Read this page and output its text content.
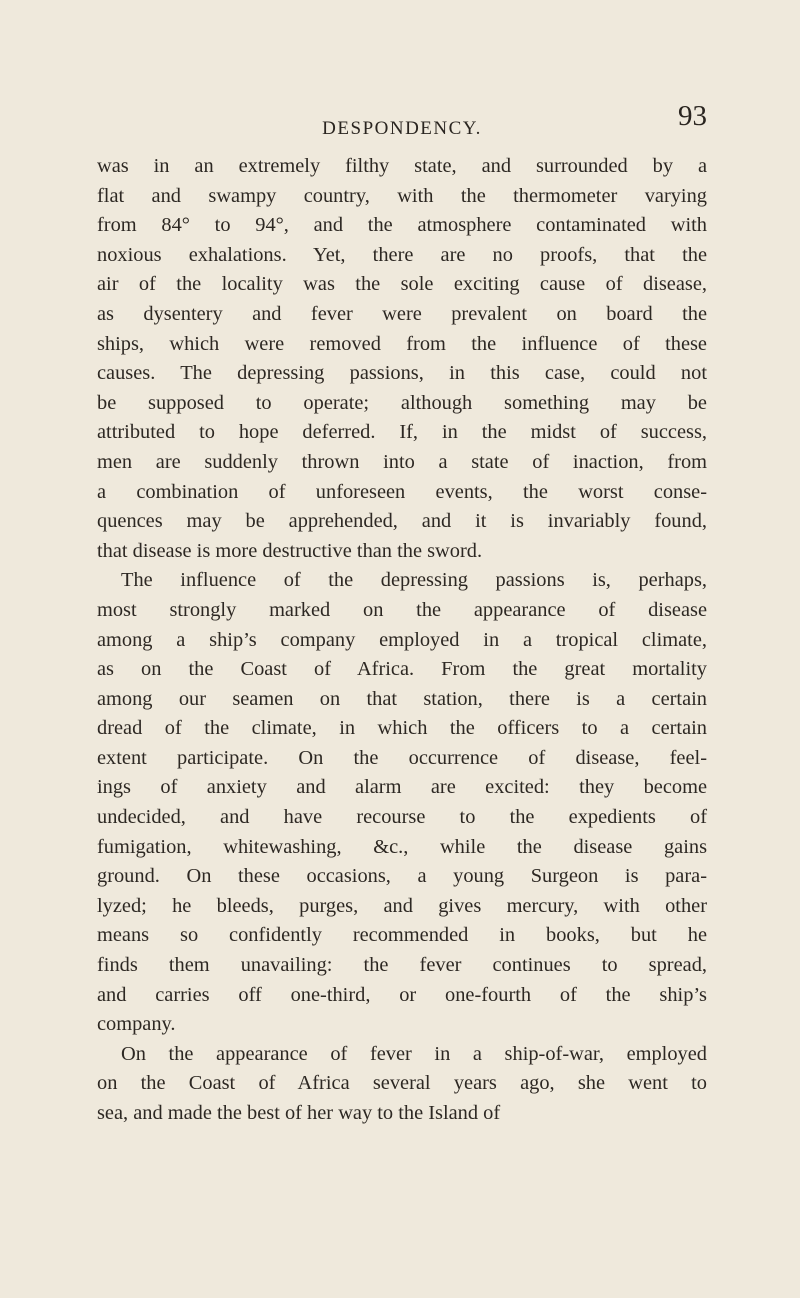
DESPONDENCY.	93
was in an extremely filthy state, and surrounded by a
flat and swampy country, with the thermometer varying
from 84° to 94°, and the atmosphere contaminated with
noxious exhalations. Yet, there are no proofs, that the
air of the locality was the sole exciting cause of disease,
as dysentery and fever were prevalent on board the
ships, which were removed from the influence of these
causes. The depressing passions, in this case, could not
be supposed to operate; although something may be
attributed to hope deferred. If, in the midst of success,
men are suddenly thrown into a state of inaction, from
a combination of unforeseen events, the worst conse-
quences may be apprehended, and it is invariably found,
that disease is more destructive than the sword.
The influence of the depressing passions is, perhaps,
most strongly marked on the appearance of disease
among a ship’s company employed in a tropical climate,
as on the Coast of Africa. From the great mortality
among our seamen on that station, there is a certain
dread of the climate, in which the officers to a certain
extent participate. On the occurrence of disease, feel-
ings of anxiety and alarm are excited: they become
undecided, and have recourse to the expedients of
fumigation, whitewashing, &c., while the disease gains
ground. On these occasions, a young Surgeon is para-
lyzed; he bleeds, purges, and gives mercury, with other
means so confidently recommended in books, but he
finds them unavailing: the fever continues to spread,
and carries off one-third, or one-fourth of the ship’s
company.
On the appearance of fever in a ship-of-war, employed
on the Coast of Africa several years ago, she went to
sea, and made the best of her way to the Island of
